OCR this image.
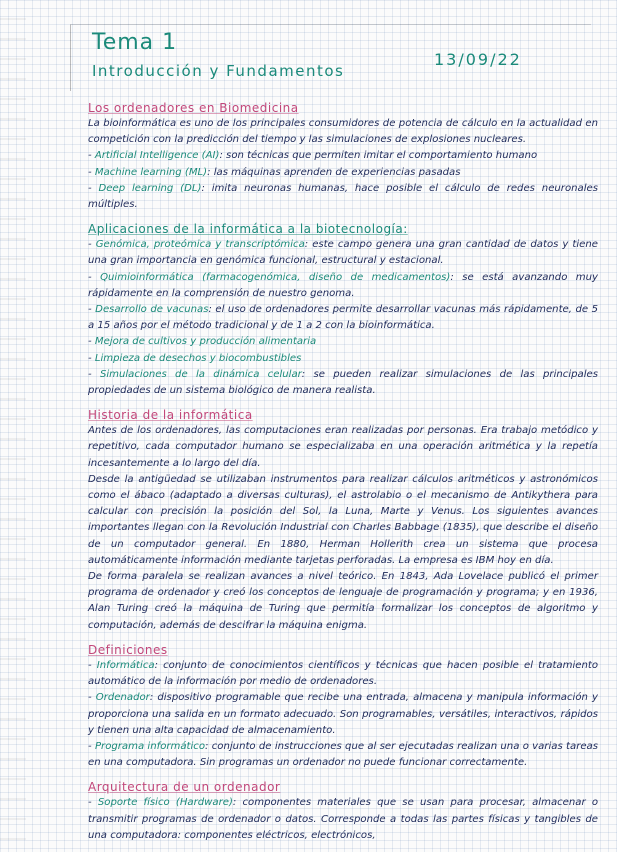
Tema 1
Introducción y Fundamentos
13/09/22
Los ordenadores en Biomedicina
La bioinformática es uno de los principales consumidores de potencia de cálculo en la actualidad en competición con la predicción del tiempo y las simulaciones de explosiones nucleares.
- Artificial Intelligence (AI): son técnicas que permiten imitar el comportamiento humano
- Machine learning (ML): las máquinas aprenden de experiencias pasadas
- Deep learning (DL): imita neuronas humanas, hace posible el cálculo de redes neuronales múltiples.
Aplicaciones de la informática a la biotecnología:
- Genómica, proteómica y transcriptómica: este campo genera una gran cantidad de datos y tiene una gran importancia en genómica funcional, estructural y estacional.
- Quimioinformática (farmacogenómica, diseño de medicamentos): se está avanzando muy rápidamente en la comprensión de nuestro genoma.
- Desarrollo de vacunas: el uso de ordenadores permite desarrollar vacunas más rápidamente, de 5 a 15 años por el método tradicional y de 1 a 2 con la bioinformática.
- Mejora de cultivos y producción alimentaria
- Limpieza de desechos y biocombustibles
- Simulaciones de la dinámica celular: se pueden realizar simulaciones de las principales propiedades de un sistema biológico de manera realista.
Historia de la informática
Antes de los ordenadores, las computaciones eran realizadas por personas. Era trabajo metódico y repetitivo, cada computador humano se especializaba en una operación aritmética y la repetía incesantemente a lo largo del día.
Desde la antigüedad se utilizaban instrumentos para realizar cálculos aritméticos y astronómicos como el ábaco (adaptado a diversas culturas), el astrolabio o el mecanismo de Antikythera para calcular con precisión la posición del Sol, la Luna, Marte y Venus. Los siguientes avances importantes llegan con la Revolución Industrial con Charles Babbage (1835), que describe el diseño de un computador general. En 1880, Herman Hollerith crea un sistema que procesa automáticamente información mediante tarjetas perforadas. La empresa es IBM hoy en día.
De forma paralela se realizan avances a nivel teórico. En 1843, Ada Lovelace publicó el primer programa de ordenador y creó los conceptos de lenguaje de programación y programa; y en 1936, Alan Turing creó la máquina de Turing que permitía formalizar los conceptos de algoritmo y computación, además de descifrar la máquina enigma.
Definiciones
- Informática: conjunto de conocimientos científicos y técnicas que hacen posible el tratamiento automático de la información por medio de ordenadores.
- Ordenador: dispositivo programable que recibe una entrada, almacena y manipula información y proporciona una salida en un formato adecuado. Son programables, versátiles, interactivos, rápidos y tienen una alta capacidad de almacenamiento.
- Programa informático: conjunto de instrucciones que al ser ejecutadas realizan una o varias tareas en una computadora. Sin programas un ordenador no puede funcionar correctamente.
Arquitectura de un ordenador
- Soporte físico (Hardware): componentes materiales que se usan para procesar, almacenar o transmitir programas de ordenador o datos. Corresponde a todas las partes físicas y tangibles de una computadora: componentes eléctricos, electrónicos,
